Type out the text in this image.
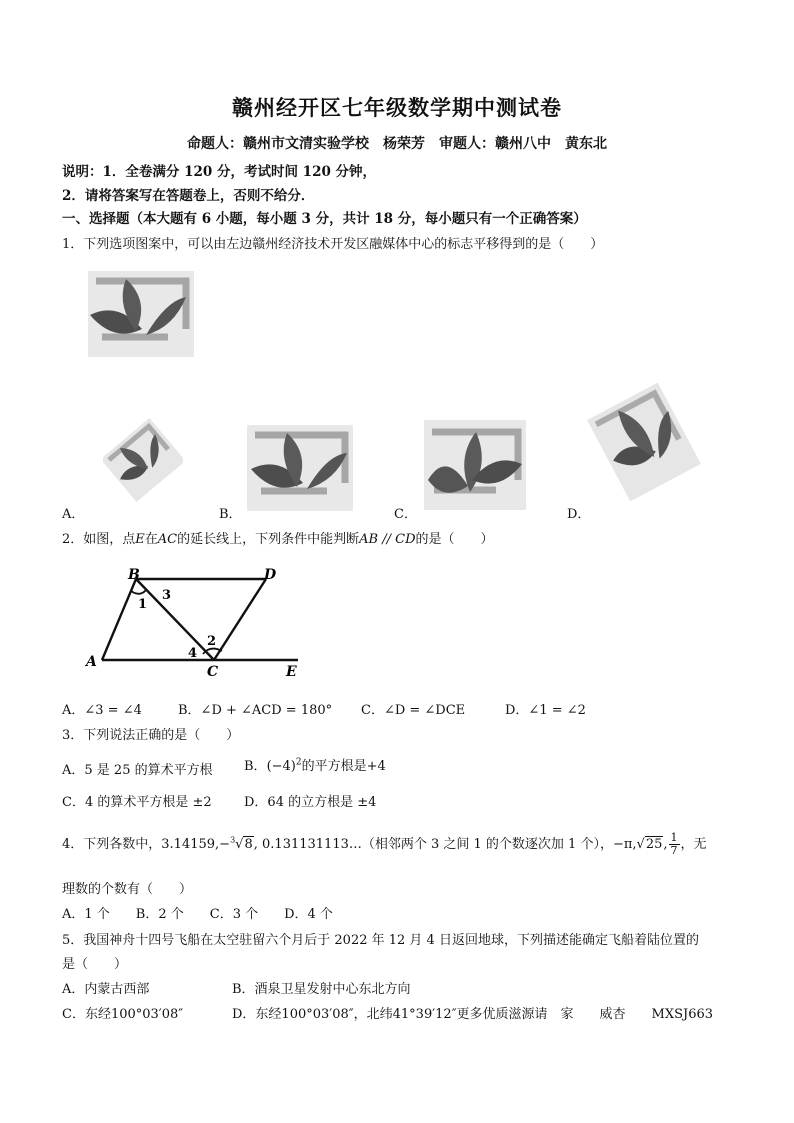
赣州经开区七年级数学期中测试卷
命题人：赣州市文清实验学校　杨荣芳　审题人：赣州八中　黄东北
说明：1．全卷满分 120 分，考试时间 120 分钟，
2．请将答案写在答题卷上，否则不给分．
一、选择题（本大题有 6 小题，每小题 3 分，共计 18 分，每小题只有一个正确答案）
1．下列选项图案中，可以由左边赣州经济技术开发区融媒体中心的标志平移得到的是（　　）
A．	B．	C．	D．
2．如图，点E在AC的延长线上，下列条件中能判断AB // CD的是（　　）
B	D
A
C	E
1
3
2
4
A．∠3 = ∠4	B．∠D + ∠ACD = 180° C．∠D = ∠DCE	D．∠1 = ∠2
3．下列说法正确的是（　　）
A．5 是 25 的算术平方根 B．$(-4)^2$的平方根是+4
C．4 的算术平方根是 ±2 D．64 的立方根是 ±4
4．下列各数中，3.14159,−$^3$√8, 0.131131113…（相邻两个 3 之间 1 的个数逐次加 1 个），−π,√25, $\frac{1}{7}$ ，无
理数的个数有（　　）
A．1 个　　B．2 个　　C．3 个　　D．4 个
5．我国神舟十四号飞船在太空驻留六个月后于 2022 年 12 月 4 日返回地球，下列描述能确定飞船着陆位置的
是（　　）
A．内蒙古西部	B．酒泉卫星发射中心东北方向
C．东经100°03′08″	D．东经100°03′08″，北纬41°39′12″更多优质滋源请　家　　威杏　　MXSJ663
